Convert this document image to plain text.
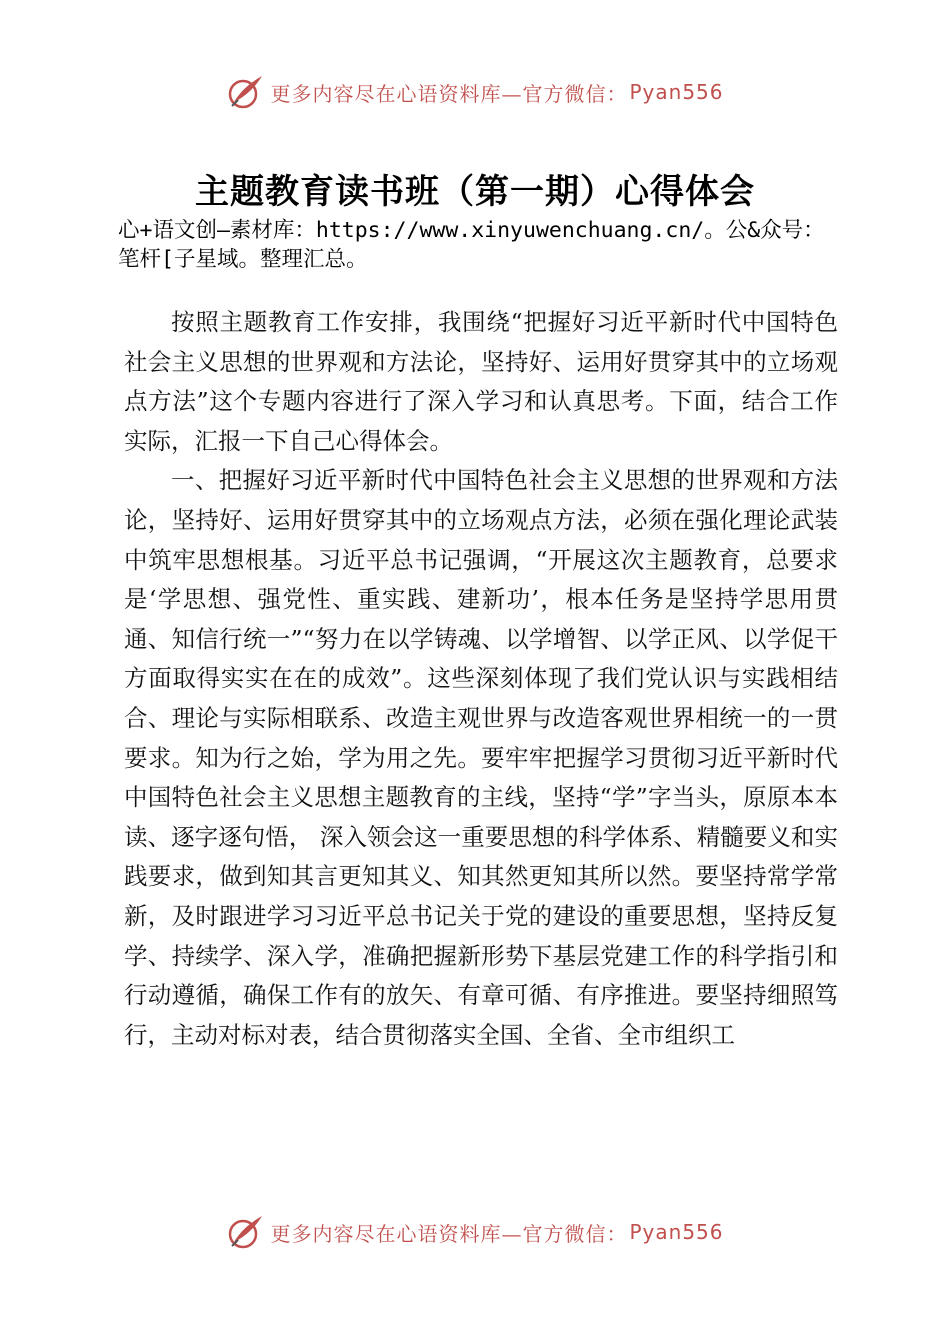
更多内容尽在心语资料库—官方微信： Pyan556
主题教育读书班（第一期）心得体会
心+语文创—素材库：https://www.xinyuwenchuang.cn/。公&众号：笔杆[子星域。整理汇总。

按照主题教育工作安排，我围绕“把握好习近平新时代中国特色社会主义思想的世界观和方法论，坚持好、运用好贯穿其中的立场观点方法”这个专题内容进行了深入学习和认真思考。下面，结合工作实际，汇报一下自己心得体会。

一、把握好习近平新时代中国特色社会主义思想的世界观和方法论，坚持好、运用好贯穿其中的立场观点方法，必须在强化理论武装中筑牢思想根基。习近平总书记强调，“开展这次主题教育，总要求是‘学思想、强党性、重实践、建新功’，根本任务是坚持学思用贯通、知信行统一”“努力在以学铸魂、以学增智、以学正风、以学促干方面取得实实在在的成效”。这些深刻体现了我们党认识与实践相结合、理论与实际相联系、改造主观世界与改造客观世界相统一的一贯要求。知为行之始，学为用之先。要牢牢把握学习贯彻习近平新时代中国特色社会主义思想主题教育的主线，坚持“学”字当头，原原本本读、逐字逐句悟， 深入领会这一重要思想的科学体系、精髓要义和实践要求，做到知其言更知其义、知其然更知其所以然。要坚持常学常新，及时跟进学习习近平总书记关于党的建设的重要思想，坚持反复学、持续学、深入学，准确把握新形势下基层党建工作的科学指引和行动遵循，确保工作有的放矢、有章可循、有序推进。要坚持细照笃行，主动对标对表，结合贯彻落实全国、全省、全市组织工

更多内容尽在心语资料库—官方微信： Pyan556
